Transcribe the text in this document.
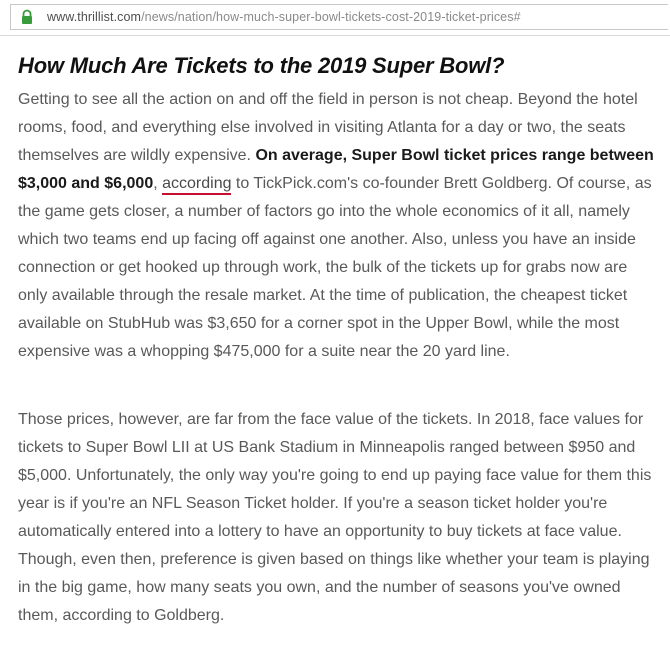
www.thrillist.com/news/nation/how-much-super-bowl-tickets-cost-2019-ticket-prices#
How Much Are Tickets to the 2019 Super Bowl?

Getting to see all the action on and off the field in person is not cheap. Beyond the hotel rooms, food, and everything else involved in visiting Atlanta for a day or two, the seats themselves are wildly expensive. On average, Super Bowl ticket prices range between $3,000 and $6,000, according to TickPick.com's co-founder Brett Goldberg. Of course, as the game gets closer, a number of factors go into the whole economics of it all, namely which two teams end up facing off against one another. Also, unless you have an inside connection or get hooked up through work, the bulk of the tickets up for grabs now are only available through the resale market. At the time of publication, the cheapest ticket available on StubHub was $3,650 for a corner spot in the Upper Bowl, while the most expensive was a whopping $475,000 for a suite near the 20 yard line.

Those prices, however, are far from the face value of the tickets. In 2018, face values for tickets to Super Bowl LII at US Bank Stadium in Minneapolis ranged between $950 and $5,000. Unfortunately, the only way you're going to end up paying face value for them this year is if you're an NFL Season Ticket holder. If you're a season ticket holder you're automatically entered into a lottery to have an opportunity to buy tickets at face value. Though, even then, preference is given based on things like whether your team is playing in the big game, how many seats you own, and the number of seasons you've owned them, according to Goldberg.
